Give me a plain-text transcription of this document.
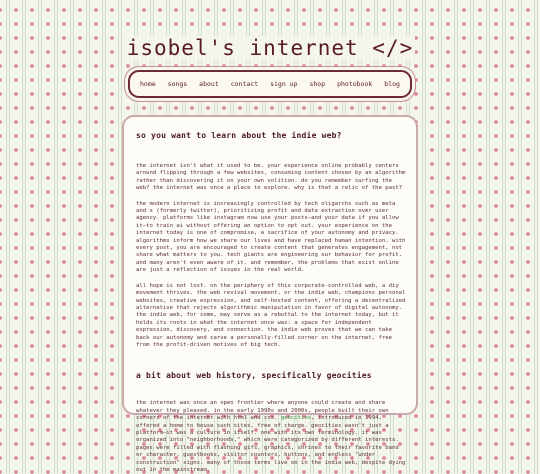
isobel's internet </>
home songs about contact sign up shop photobook blog
so you want to learn about the indie web?

the internet isn't what it used to be. your experience online probably centers around flipping through a few websites, consuming content chosen by an algorithm rather than discovering it on your own volition. do you remember surfing the web? the internet was once a place to explore. why is that a relic of the past?

the modern internet is increasingly controlled by tech oligarchs such as meta and x (formerly twitter), prioritizing profit and data extraction over user agency. platforms like instagram now use your posts—and your data if you allow it—to train ai without offering an option to opt out. your experience on the internet today is one of compromise, a sacrifice of your autonomy and privacy. algorithms inform how we share our lives and have replaced human intention. with every post, you are encouraged to create content that generates engagement, not share what matters to you. tech giants are engineering our behavior for profit, and many aren't even aware of it. and remember, the problems that exist online are just a reflection of issues in the real world.

all hope is not lost. on the periphery of this corporate-controlled web, a diy movement thrives. the web revival movement, or the indie web, champions personal websites, creative expression, and self-hosted content, offering a decentralized alternative that rejects algorithmic manipulation in favor of digital autonomy. the indie web, for some, may serve as a rebuttal to the internet today, but it holds its roots in what the internet once was: a space for independent expression, discovery, and connection. the indie web proves that we can take back our autonomy and carve a personally-filled corner on the internet, free from the profit-driven motives of big tech.

a bit about web history, specifically geocities

the internet was once an open frontier where anyone could create and share whatever they pleased. in the early 1990s and 2000s, people built their own corners of the internet with html and css. geocities, introduced in 1994, offered a home to house such sites, free of charge. geocities wasn't just a platform—it was a culture in itself. one with its own terminology. it was organized into "neighborhoods," which were categorized by different interests. pages were filled with flashing gifs, graphics, shrines to their favorite band or character, guestbooks, visitor counters, buttons, and endless "under construction" signs. many of those terms live on in the indie web, despite dying out in the mainstream.
